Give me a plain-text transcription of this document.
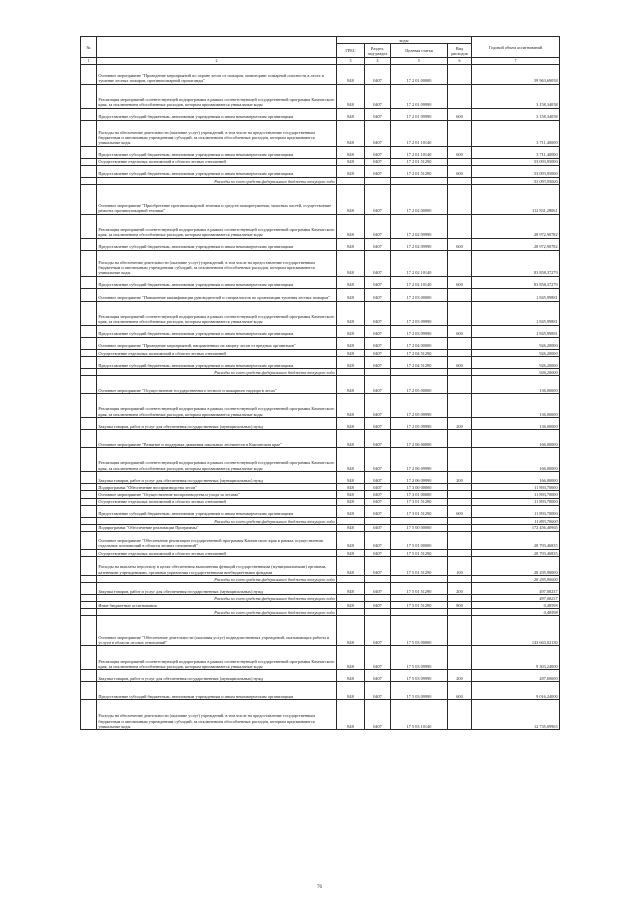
№		коды				Годовой объем ассигнований
		ГРБС	Раздел, под-раздел	Целевая статья	Вид расходов	
1	2	3	4	5	6	7
	Основное мероприятие "Проведение мероприятий по охране лесов от пожаров, мониторинг пожарной опасности в лесах и тушение лесных пожаров, противопожарной пропаганды"	848	0407	17 2 01 00000		59 963,69058
	Реализация мероприятий соответствующей подпрограммы в рамках соответствующей государственной программы Камчатского края, за исключением обособленных расходов, которым присваиваются уникальные коды	848	0407	17 2 01 09990		3 158,34058
	Предоставление субсидий бюджетным, автономным учреждениям и иным некоммерческим организациям	848	0407	17 2 01 09990	600	3 158,34058
	Расходы на обеспечение деятельности (оказание услуг) учреждений, в том числе на предоставление государственным бюджетным и автономным учреждениям субсидий, за исключением обособленных расходов, которым присваиваются уникальные коды	848	0407	17 2 01 10140		3 711,40000
	Предоставление субсидий бюджетным, автономным учреждениям и иным некоммерческим организациям	848	0407	17 2 01 10140	600	3 711,40000
	Осуществление отдельных полномочий в области лесных отношений	848	0407	17 2 01 51290		53 093,95000
	Предоставление субсидий бюджетным, автономным учреждениям и иным некоммерческим организациям	848	0407	17 2 01 51290	600	53 093,95000
	Расходы за счет средств федерального бюджета текущего года					53 093,95000
	Основное мероприятие "Приобретение противопожарной техники и средств пожаротушения, запасных частей, осуществление ремонта противопожарной техники"	848	0407	17 2 02 00000		112 831,28061
	Реализация мероприятий соответствующей подпрограммы в рамках соответствующей государственной программы Камчатского края, за исключением обособленных расходов, которым присваиваются уникальные коды	848	0407	17 2 02 09990		28 972,90782
	Предоставление субсидий бюджетным, автономным учреждениям и иным некоммерческим организациям	848	0407	17 2 02 09990	600	28 972,90782
	Расходы на обеспечение деятельности (оказание услуг) учреждений, в том числе на предоставление государственным бюджетным и автономным учреждениям субсидий, за исключением обособленных расходов, которым присваиваются уникальные коды	848	0407	17 2 02 10140		83 858,37279
	Предоставление субсидий бюджетным, автономным учреждениям и иным некоммерческим организациям	848	0407	17 2 02 10140	600	83 858,37279
	Основное мероприятие "Повышение квалификации руководителей и специалистов по организации тушения лесных пожаров"	848	0407	17 2 03 00000		1 845,99881
	Реализация мероприятий соответствующей подпрограммы в рамках соответствующей государственной программы Камчатского края, за исключением обособленных расходов, которым присваиваются уникальные коды	848	0407	17 2 03 09990		1 845,99881
	Предоставление субсидий бюджетным, автономным учреждениям и иным некоммерческим организациям	848	0407	17 2 03 09990	600	1 845,99881
	Основное мероприятие "Проведение мероприятий, направленных на защиту лесов от вредных организмов"	848	0407	17 2 04 00000		926,20000
	Осуществление отдельных полномочий в области лесных отношений	848	0407	17 2 04 51290		926,20000
	Предоставление субсидий бюджетным, автономным учреждениям и иным некоммерческим организациям	848	0407	17 2 04 51290	600	926,20000
	Расходы за счет средств федерального бюджета текущего года					926,20000
	Основное мероприятие "Осуществление государственного лесного и пожарного надзора в лесах"	848	0407	17 2 05 00000		136,00000
	Реализация мероприятий соответствующей подпрограммы в рамках соответствующей государственной программы Камчатского края, за исключением обособленных расходов, которым присваиваются уникальные коды	848	0407	17 2 05 09990		136,00000
	Закупка товаров, работ и услуг для обеспечения государственных (муниципальных) нужд	848	0407	17 2 05 09990	200	136,00000
	Основное мероприятие "Развитие и поддержка движения школьных лесничеств в Камчатском крае"	848	0407	17 2 06 00000		166,00000
	Реализация мероприятий соответствующей подпрограммы в рамках соответствующей государственной программы Камчатского края, за исключением обособленных расходов, которым присваиваются уникальные коды	848	0407	17 2 06 09990		166,00000
	Закупка товаров, работ и услуг для обеспечения государственных (муниципальных) нужд	848	0407	17 2 06 09990	200	166,00000
	Подпрограмма "Обеспечение воспроизводства лесов"	848	0407	17 3 00 00000		11 893,70000
	Основное мероприятие "Осуществление воспроизводства и ухода за лесами"	848	0407	17 3 01 00000		11 893,70000
	Осуществление отдельных полномочий в области лесных отношений	848	0407	17 3 01 51290		11 893,70000
	Предоставление субсидий бюджетным, автономным учреждениям и иным некоммерческим организациям	848	0407	17 3 01 51290	600	11 893,70000
	Расходы за счет средств федерального бюджета текущего года					11 893,70000
	Подпрограмма "Обеспечение реализации Программы"	848	0407	17 5 00 00000		172 456,40965
	Основное мероприятие "Обеспечение реализации государственной программы Камчатского края в рамках осуществления отдельных полномочий в области лесных отношений"	848	0407	17 5 01 00000		28 793,46835
	Осуществление отдельных полномочий в области лесных отношений	848	0407	17 5 01 51290		28 793,46835
	Расходы на выплаты персоналу в целях обеспечения выполнения функций государственными (муниципальными) органами, казенными учреждениями, органами управления государственными внебюджетными фондами	848	0407	17 5 01 51290	100	28 295,90000
	Расходы за счет средств федерального бюджета текущего года					28 295,90000
	Закупка товаров, работ и услуг для обеспечения государственных (муниципальных) нужд	848	0407	17 5 01 51290	200	497,08237
	Расходы за счет средств федерального бюджета текущего года					497,08237
	Иные бюджетные ассигнования	848	0407	17 5 01 51290	800	0,48598
	Расходы за счет средств федерального бюджета текущего года					0,48598
	Основное мероприятие "Обеспечение деятельности (оказания услуг) подведомственных учреждений, оказывающих работы и услуги в области лесных отношений"	848	0407	17 5 03 00000		143 663,02130
	Реализация мероприятий соответствующей подпрограммы в рамках соответствующей государственной программы Камчатского края, за исключением обособленных расходов, которым присваиваются уникальные коды	848	0407	17 5 03 09990		9 303,24000
	Закупка товаров, работ и услуг для обеспечения государственных (муниципальных) нужд	848	0407	17 5 03 09990	200	287,00000
	Предоставление субсидий бюджетным, автономным учреждениям и иным некоммерческим организациям	848	0407	17 5 03 09990	600	9 016,24000
	Расходы на обеспечение деятельности (оказание услуг) учреждений, в том числе на предоставление государственным бюджетным и автономным учреждениям субсидий, за исключением обособленных расходов, которым присваиваются уникальные коды	848	0407	17 5 03 10140		12 735,09965
76
